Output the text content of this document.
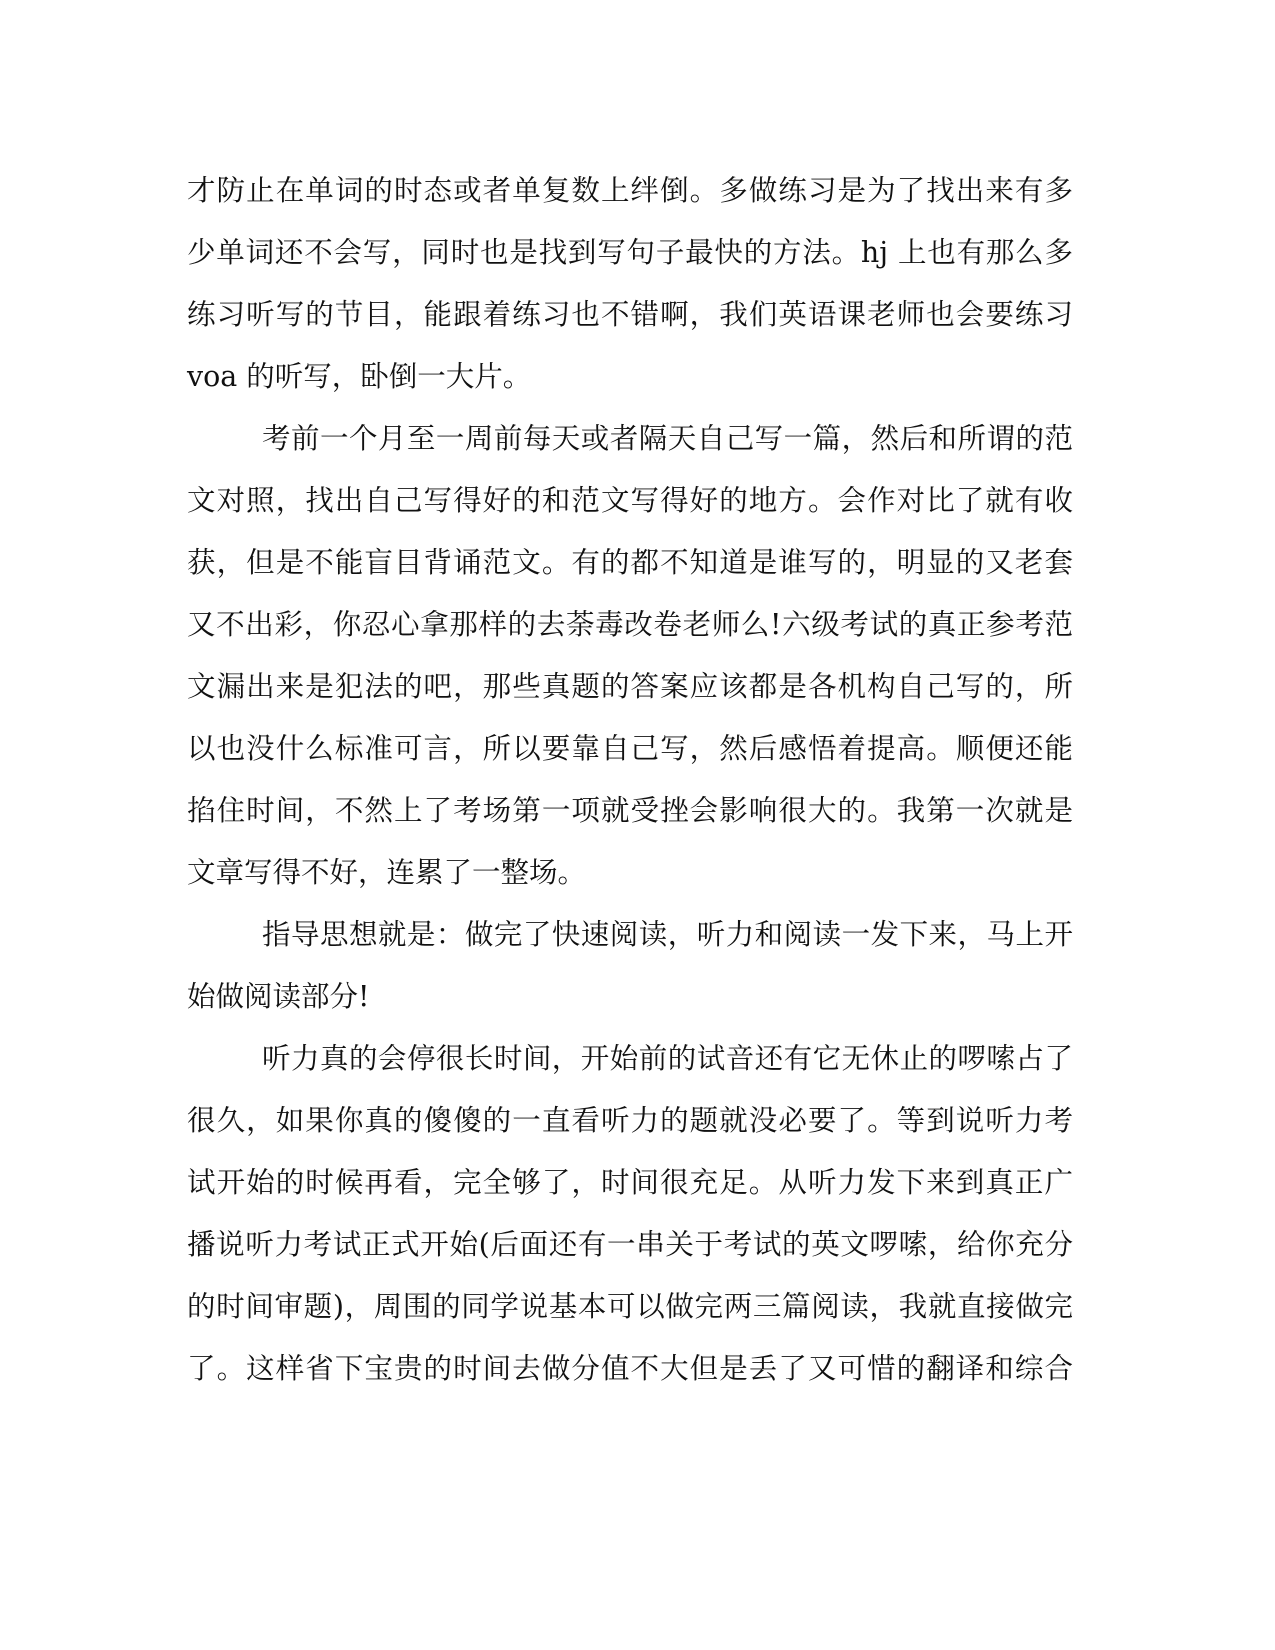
才防止在单词的时态或者单复数上绊倒。多做练习是为了找出来有多
少单词还不会写，同时也是找到写句子最快的方法。hj 上也有那么多
练习听写的节目，能跟着练习也不错啊，我们英语课老师也会要练习
voa 的听写，卧倒一大片。
考前一个月至一周前每天或者隔天自己写一篇，然后和所谓的范
文对照，找出自己写得好的和范文写得好的地方。会作对比了就有收
获，但是不能盲目背诵范文。有的都不知道是谁写的，明显的又老套
又不出彩，你忍心拿那样的去荼毒改卷老师么!六级考试的真正参考范
文漏出来是犯法的吧，那些真题的答案应该都是各机构自己写的，所
以也没什么标准可言，所以要靠自己写，然后感悟着提高。顺便还能
掐住时间，不然上了考场第一项就受挫会影响很大的。我第一次就是
文章写得不好，连累了一整场。
指导思想就是：做完了快速阅读，听力和阅读一发下来，马上开
始做阅读部分!
听力真的会停很长时间，开始前的试音还有它无休止的啰嗦占了
很久，如果你真的傻傻的一直看听力的题就没必要了。等到说听力考
试开始的时候再看，完全够了，时间很充足。从听力发下来到真正广
播说听力考试正式开始(后面还有一串关于考试的英文啰嗦，给你充分
的时间审题)，周围的同学说基本可以做完两三篇阅读，我就直接做完
了。这样省下宝贵的时间去做分值不大但是丢了又可惜的翻译和综合
